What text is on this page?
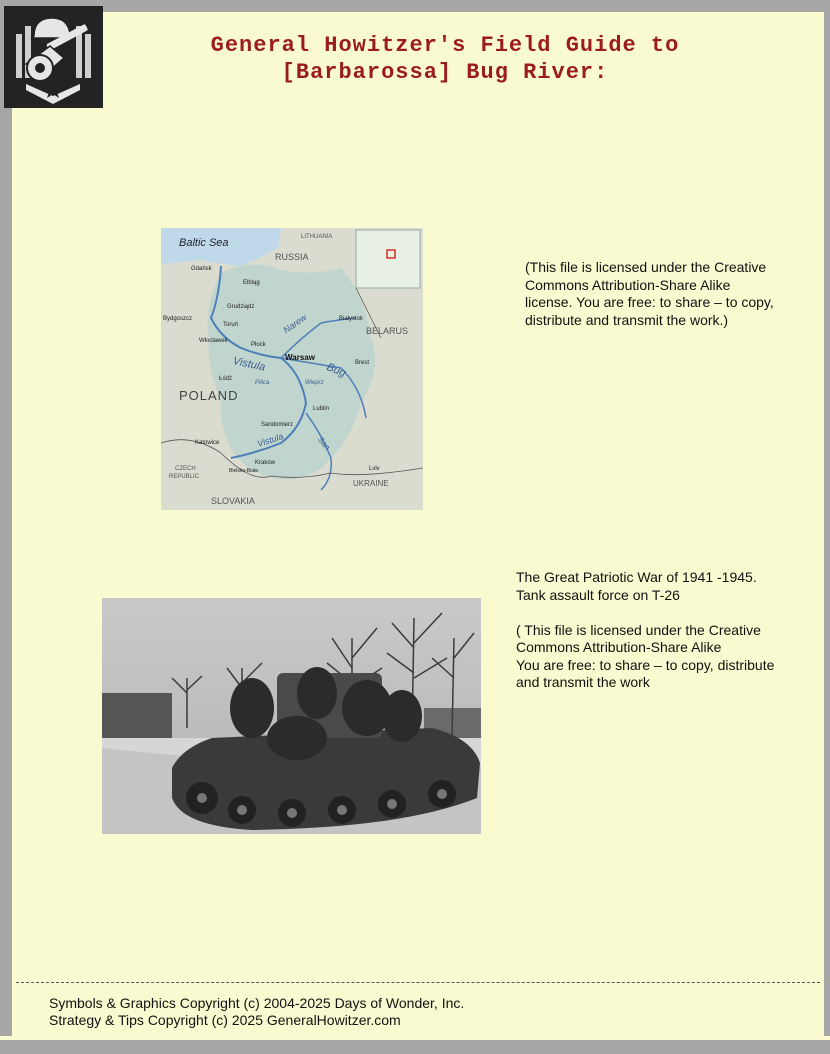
General Howitzer's Field Guide to
[Barbarossa] Bug River:
Baltic Sea	LITHUANIA
RUSSIA
Gdańsk
Elbląg
Grudziądz
Bydgoszcz
Toruń
Włocławek
Płock
Narew	Białystok
BELARUS
Warsaw
Vistula	Bug Brest
Łódź
Pilica	Wieprz
POLAND
Lublin
Sandomierz
Katowice	Vistula	San
Kraków
CZECH
REPUBLIC
Bielsko-Biała	Lviv
UKRAINE
SLOVAKIA

(This file is licensed under the Creative Commons Attribution-Share Alike license. You are free: to share – to copy, distribute and transmit the work.)

The Great Patriotic War of 1941 -1945. Tank assault force on T-26

( This file is licensed under the Creative Commons Attribution-Share Alike

You are free: to share – to copy, distribute and transmit the work

Symbols & Graphics Copyright (c) 2004-2025 Days of Wonder, Inc.
Strategy & Tips Copyright (c) 2025 GeneralHowitzer.com
